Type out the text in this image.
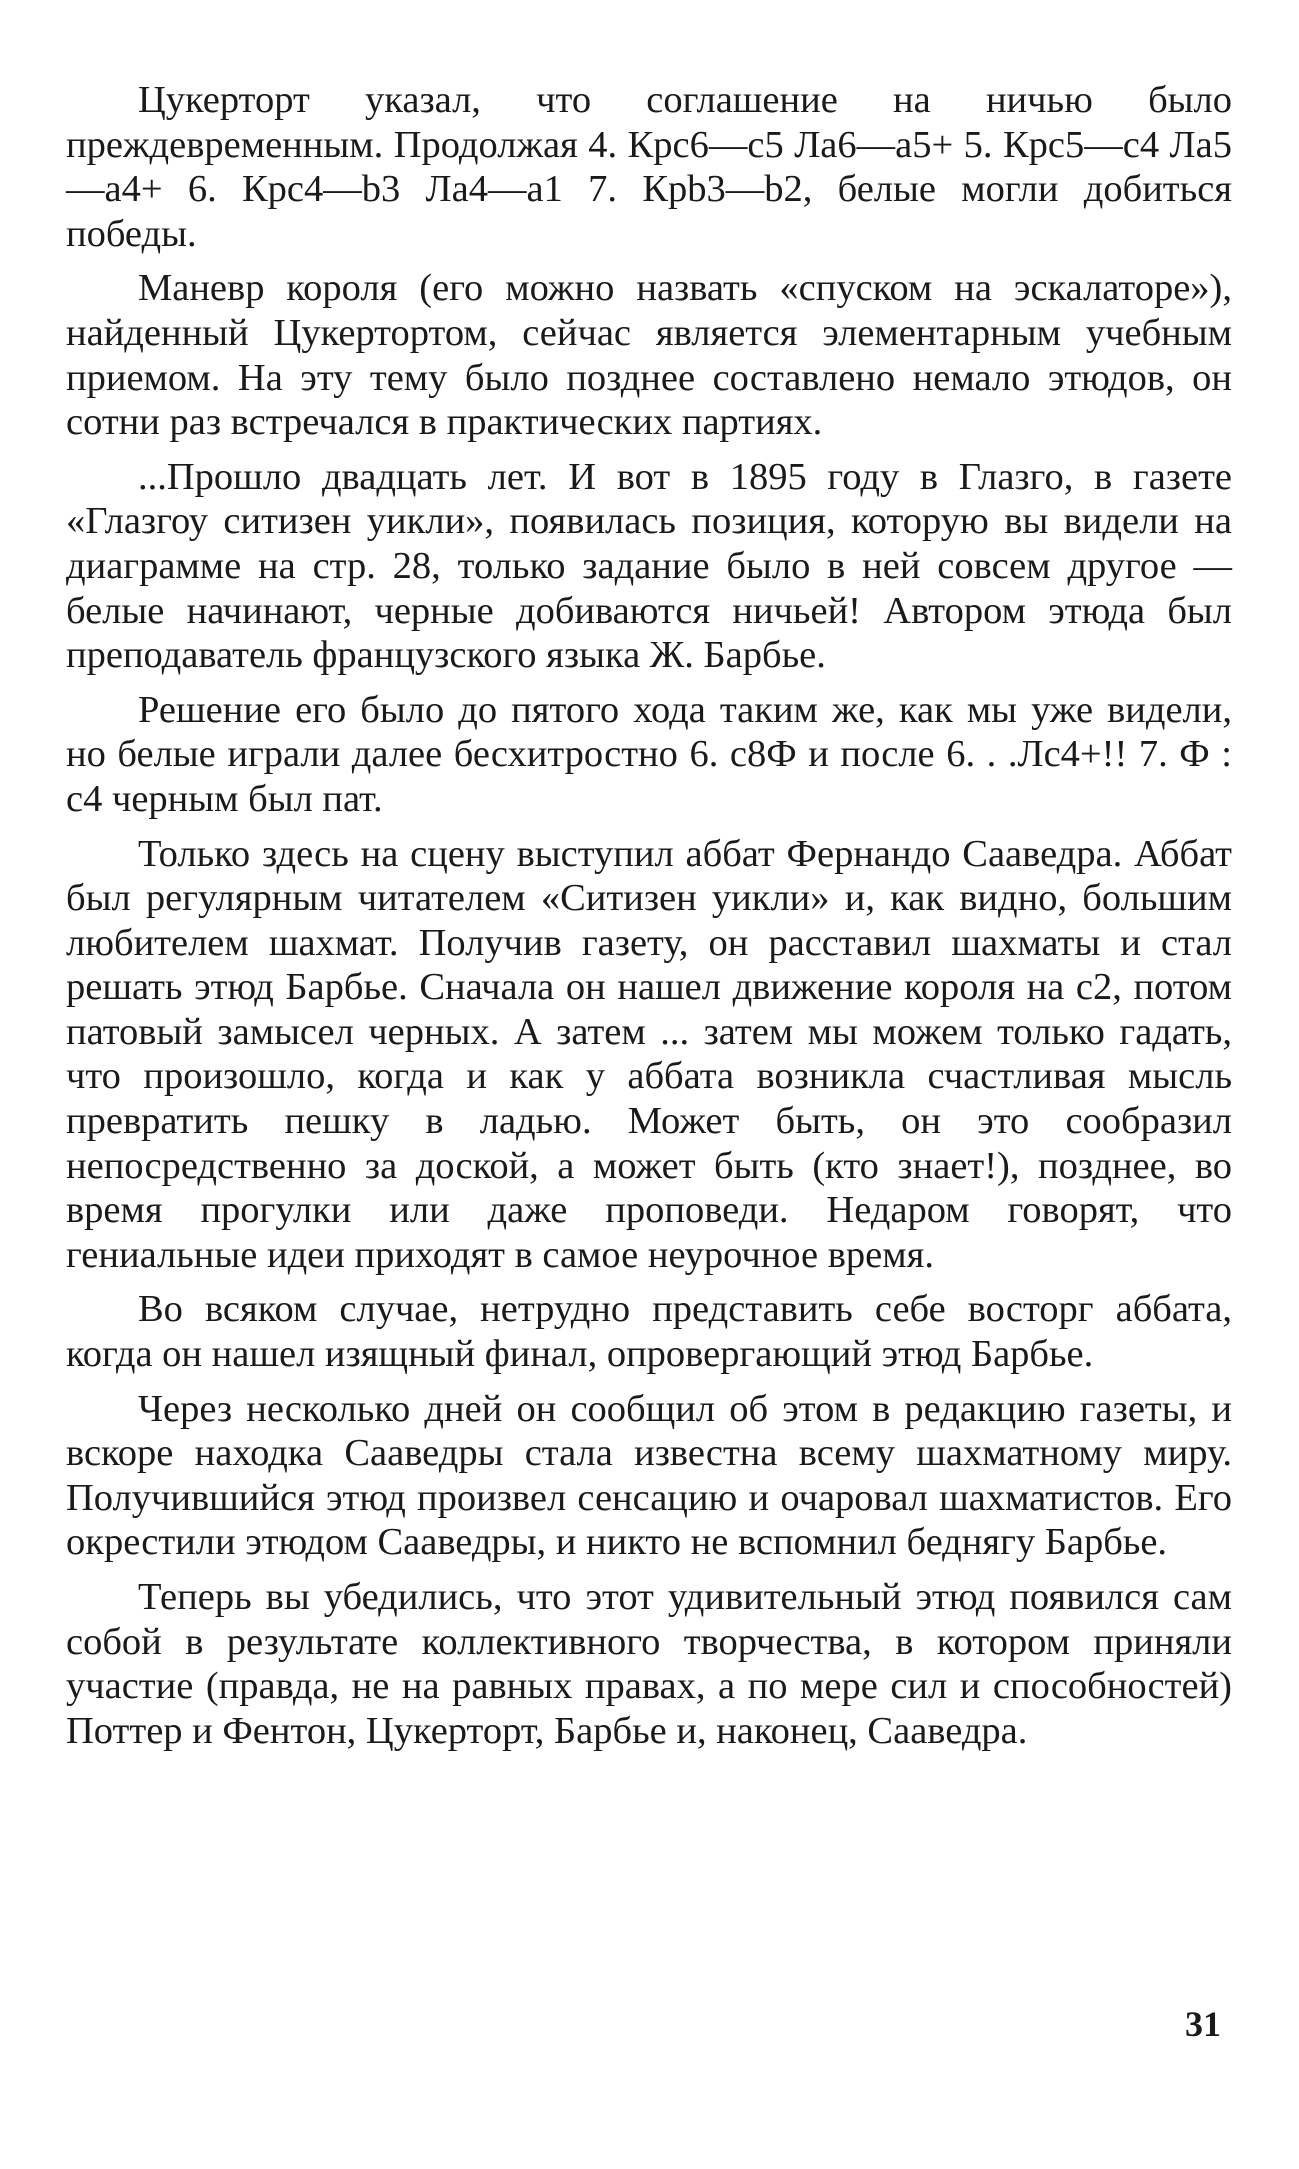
Цукерторт указал, что соглашение на ничью было преждевременным. Продолжая 4. Крс6—с5 Ла6—а5+ 5. Крс5—с4 Ла5—а4+ 6. Крс4—b3 Ла4—а1 7. Крb3—b2, белые могли добиться победы.

Маневр короля (его можно назвать «спуском на эскалаторе»), найденный Цукертортом, сейчас является элементарным учебным приемом. На эту тему было позднее составлено немало этюдов, он сотни раз встречался в практических партиях.

...Прошло двадцать лет. И вот в 1895 году в Глазго, в газете «Глазгоу ситизен уикли», появилась позиция, которую вы видели на диаграмме на стр. 28, только задание было в ней совсем другое — белые начинают, черные добиваются ничьей! Автором этюда был преподаватель французского языка Ж. Барбье.

Решение его было до пятого хода таким же, как мы уже видели, но белые играли далее бесхитростно 6. с8Ф и после 6. . .Лс4+!! 7. Ф : с4 черным был пат.

Только здесь на сцену выступил аббат Фернандо Сааведра. Аббат был регулярным читателем «Ситизен уикли» и, как видно, большим любителем шахмат. Получив газету, он расставил шахматы и стал решать этюд Барбье. Сначала он нашел движение короля на с2, потом патовый замысел черных. А затем ... затем мы можем только гадать, что произошло, когда и как у аббата возникла счастливая мысль превратить пешку в ладью. Может быть, он это сообразил непосредственно за доской, а может быть (кто знает!), позднее, во время прогулки или даже проповеди. Недаром говорят, что гениальные идеи приходят в самое неурочное время.

Во всяком случае, нетрудно представить себе восторг аббата, когда он нашел изящный финал, опровергающий этюд Барбье.

Через несколько дней он сообщил об этом в редакцию газеты, и вскоре находка Сааведры стала известна всему шахматному миру. Получившийся этюд произвел сенсацию и очаровал шахматистов. Его окрестили этюдом Сааведры, и никто не вспомнил беднягу Барбье.

Теперь вы убедились, что этот удивительный этюд появился сам собой в результате коллективного творчества, в котором приняли участие (правда, не на равных правах, а по мере сил и способностей) Поттер и Фентон, Цукерторт, Барбье и, наконец, Сааведра.

31
